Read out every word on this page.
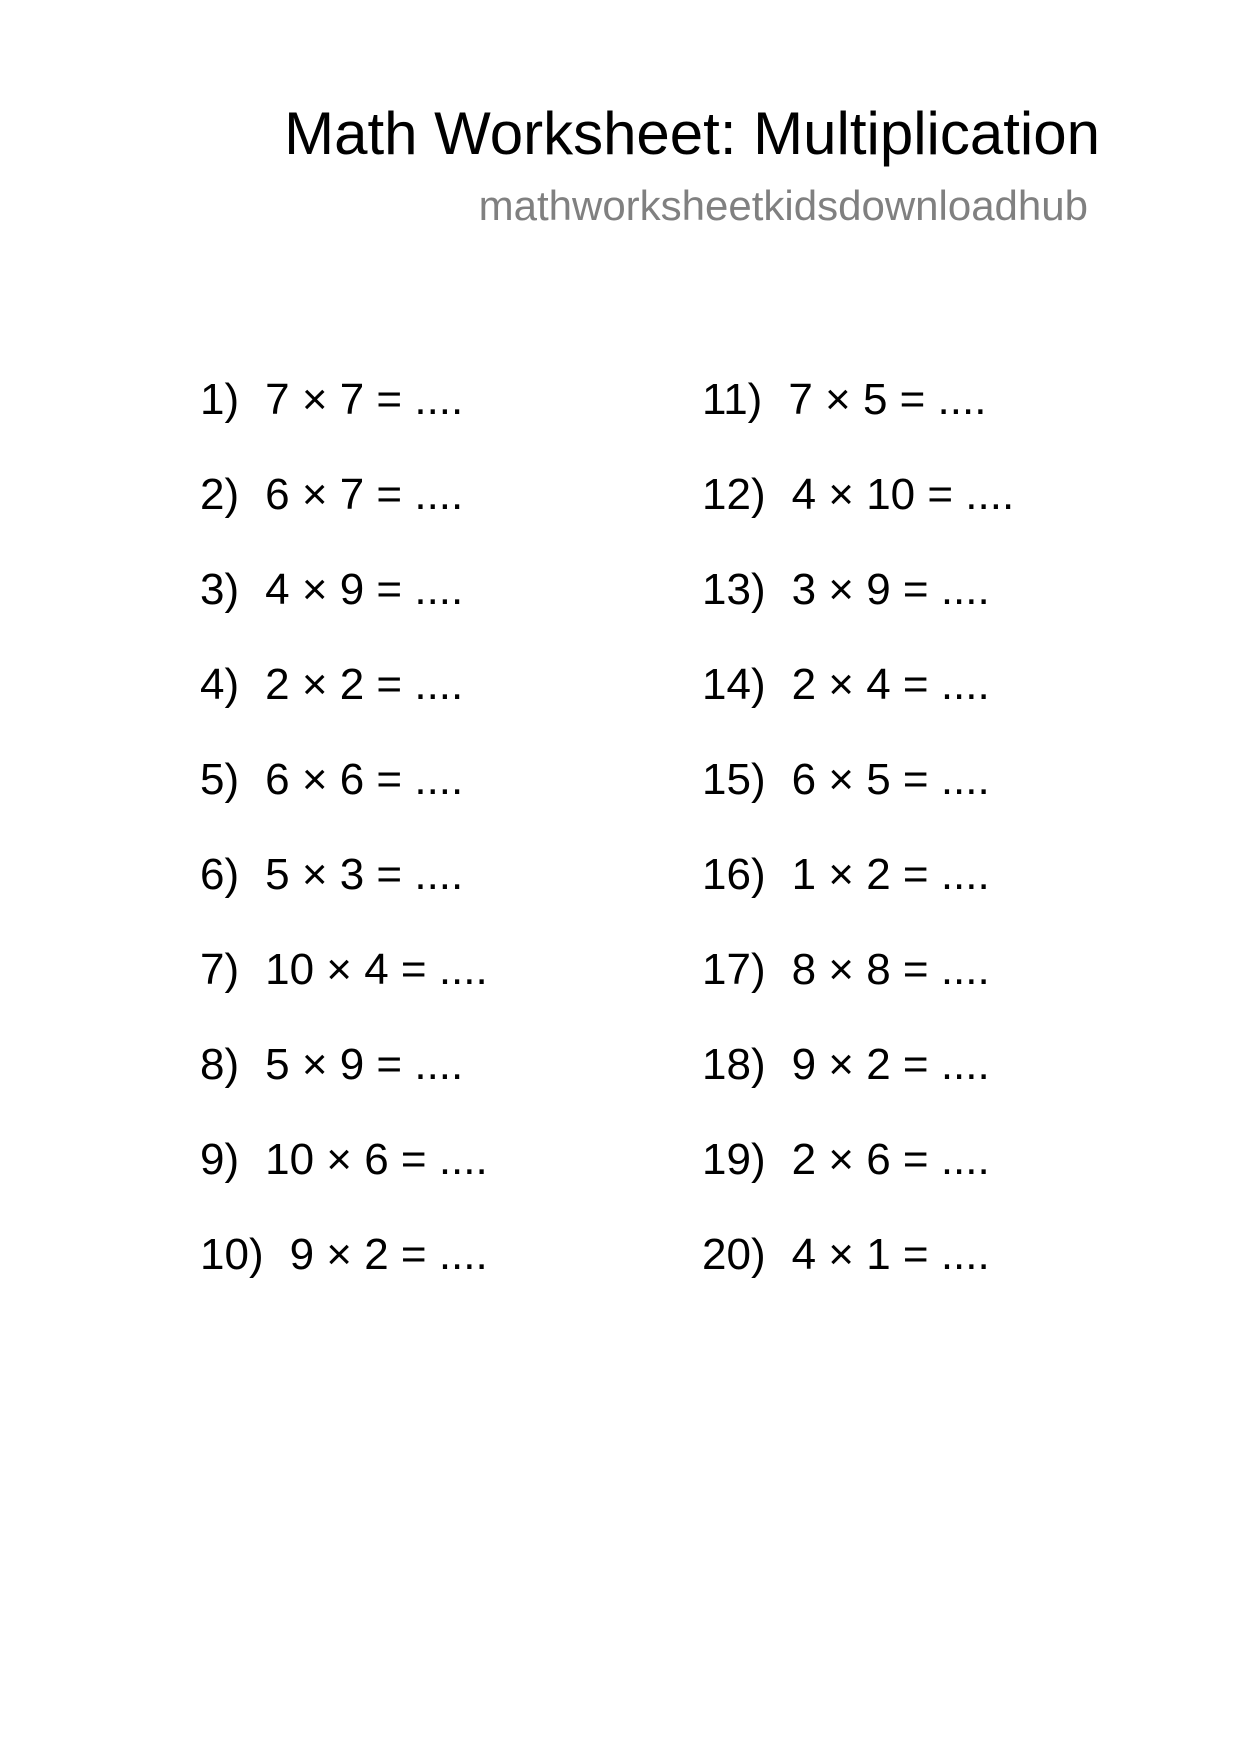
Math Worksheet: Multiplication
mathworksheetkidsdownloadhub
1) 7 × 7 = ....
2) 6 × 7 = ....
3) 4 × 9 = ....
4) 2 × 2 = ....
5) 6 × 6 = ....
6) 5 × 3 = ....
7) 10 × 4 = ....
8) 5 × 9 = ....
9) 10 × 6 = ....
10) 9 × 2 = ....
11) 7 × 5 = ....
12) 4 × 10 = ....
13) 3 × 9 = ....
14) 2 × 4 = ....
15) 6 × 5 = ....
16) 1 × 2 = ....
17) 8 × 8 = ....
18) 9 × 2 = ....
19) 2 × 6 = ....
20) 4 × 1 = ....
